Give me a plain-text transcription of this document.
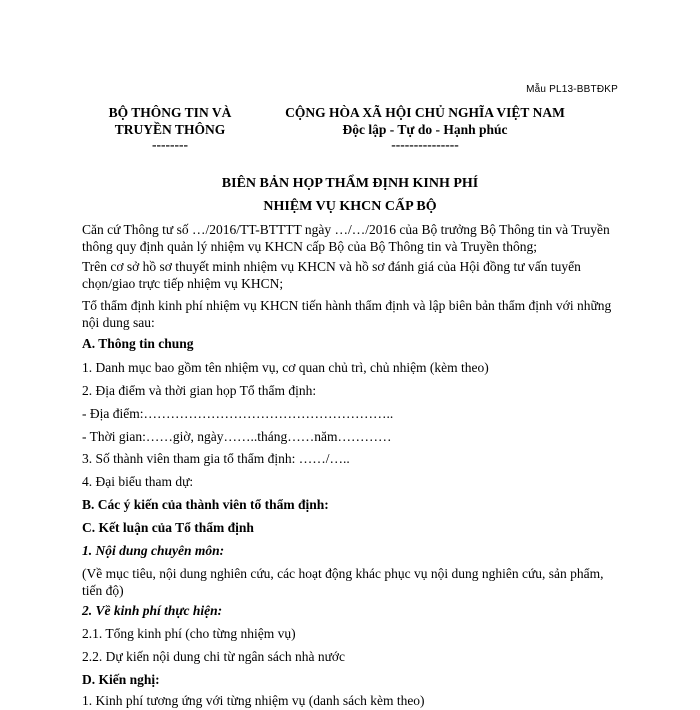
Mẫu PL13-BBTĐKP
BỘ THÔNG TIN VÀ
TRUYỀN THÔNG
--------
CỘNG HÒA XÃ HỘI CHỦ NGHĨA VIỆT NAM
Độc lập - Tự do - Hạnh phúc
---------------
BIÊN BẢN HỌP THẨM ĐỊNH KINH PHÍ
NHIỆM VỤ KHCN CẤP BỘ
Căn cứ Thông tư số …/2016/TT-BTTTT ngày …/…/2016 của Bộ trưởng Bộ Thông tin và Truyền thông quy định quản lý nhiệm vụ KHCN cấp Bộ của Bộ Thông tin và Truyền thông;
Trên cơ sở hồ sơ thuyết minh nhiệm vụ KHCN và hồ sơ đánh giá của Hội đồng tư vấn tuyển chọn/giao trực tiếp nhiệm vụ KHCN;
Tổ thẩm định kinh phí nhiệm vụ KHCN tiến hành thẩm định và lập biên bản thẩm định với những nội dung sau:
A. Thông tin chung
1. Danh mục bao gồm tên nhiệm vụ, cơ quan chủ trì, chủ nhiệm (kèm theo)
2. Địa điểm và thời gian họp Tổ thẩm định:
- Địa điểm:………………………………………………..
- Thời gian:……giờ, ngày……..tháng……năm…………
3. Số thành viên tham gia tổ thẩm định: ……/…..
4. Đại biểu tham dự:
B. Các ý kiến của thành viên tổ thẩm định:
C. Kết luận của Tổ thẩm định
1. Nội dung chuyên môn:
(Về mục tiêu, nội dung nghiên cứu, các hoạt động khác phục vụ nội dung nghiên cứu, sản phẩm, tiến độ)
2. Về kinh phí thực hiện:
2.1. Tổng kinh phí (cho từng nhiệm vụ)
2.2. Dự kiến nội dung chi từ ngân sách nhà nước
D. Kiến nghị:
1. Kinh phí tương ứng với từng nhiệm vụ (danh sách kèm theo)
